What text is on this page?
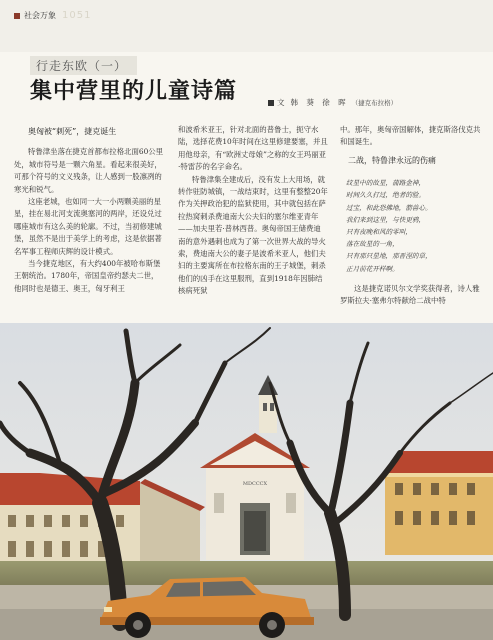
社会万象 1051
行走东欧（一）
集中营里的儿童诗篇	文 韩 葵 徐 晖 （捷克布拉格）
奥匈被“刺死”，捷克诞生

特鲁津坐落在捷克首都布拉格北面60公里处，城市符号是一颗六角星。看起来很美好，可那个符号的文义残条，让人感到一股凛冽的寒光和锐气。

这座老城，也如同一大一小两颗美丽的星星，挂在易北河支流奥塞河的两岸，还设兑过哪座城市有这么美的轮廓。不过，当初修建城堡，虽然不是出于美学上的考虑，这是依据著名军事工程师庆辉的设计模式。

当今捷克地区，有大约400年被哈布斯堡王朝统治。1780年，帝国皇帝约瑟夫二世，他同时也是德王、奥王，匈牙利王

和波希米亚王，针对北面的普鲁士，扼守水陆，选择花费10年时间在这里修建要塞，并且用他母亲，有“欧洲丈母娘”之称的女王玛丽亚·特雷莎的名字命名。

特鲁津集全建成后，没有发上大用场，就转作驻防城镇，一战结束时，这里有整整20年作为关押政治犯的监狱使用，其中就包括在萨拉热窝刺杀费迪南大公夫妇的塞尔维亚青年——加夫里若·普林西普。奥匈帝国王储费迪南的意外遇刺也成为了第一次世界大战的导火索，费迪南大公的妻子是波希米亚人，他们夫妇的主要寓所在布拉格东南的王子城堡，刺杀他们的凶手在这里服刑，直到1918年因肺结核病死狱

中。那年，奥匈帝国解体，捷克斯洛伐克共和国诞生。

二战，特鲁津永远的伤痛
纹星中的故星，蒲路金神，
时间久久打过，绝者的脸。
过宝，和此恐佛地，箭兽心。
我们来到这里，与快更鸦，
只有夜晚和风的零叫，
落在故星的一角，
只有那只星地，那晋涅的草，
正月前花开样啊。

这是捷克诺贝尔文学奖获得者，诗人雅罗斯拉夫·塞弗尔特献给二战中特

MDCCCX
